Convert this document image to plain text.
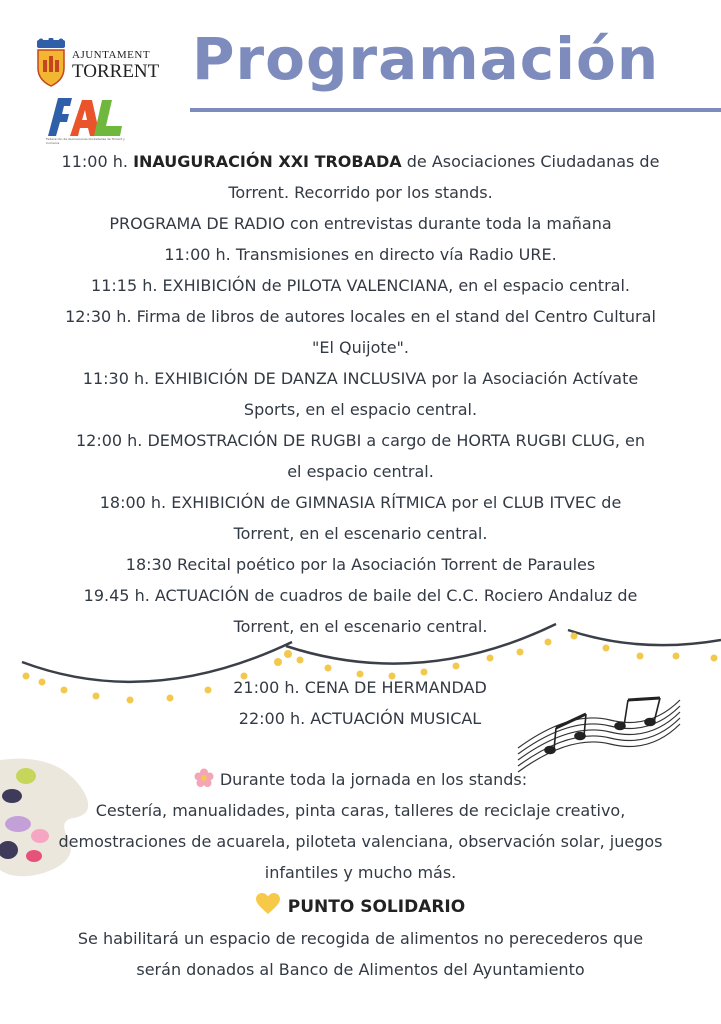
AJUNTAMENT
TORRENT
Federación de Asociaciones Ciudadanas de Torrent y Comarca
Programación

11:00 h. INAUGURACIÓN XXI TROBADA de Asociaciones Ciudadanas de

Torrent. Recorrido por los stands.

PROGRAMA DE RADIO con entrevistas durante toda la mañana

11:00 h. Transmisiones en directo vía Radio URE.

11:15 h. EXHIBICIÓN de PILOTA VALENCIANA, en el espacio central.

12:30 h. Firma de libros de autores locales en el stand del Centro Cultural

"El Quijote".

11:30 h. EXHIBICIÓN DE DANZA INCLUSIVA por la Asociación Actívate

Sports, en el espacio central.

12:00 h. DEMOSTRACIÓN DE RUGBI a cargo de HORTA RUGBI CLUG, en

el espacio central.

18:00 h. EXHIBICIÓN de GIMNASIA RÍTMICA por el CLUB ITVEC de

Torrent, en el escenario central.

18:30 Recital poético por la Asociación Torrent de Paraules

19.45 h. ACTUACIÓN de cuadros de baile del C.C. Rociero Andaluz de

Torrent, en el escenario central.

21:00 h. CENA DE HERMANDAD

22:00 h. ACTUACIÓN MUSICAL

Durante toda la jornada en los stands:

Cestería, manualidades, pinta caras, talleres de reciclaje creativo,

demostraciones de acuarela, piloteta valenciana, observación solar, juegos

infantiles y mucho más.

PUNTO SOLIDARIO

Se habilitará un espacio de recogida de alimentos no perecederos que

serán donados al Banco de Alimentos del Ayuntamiento
